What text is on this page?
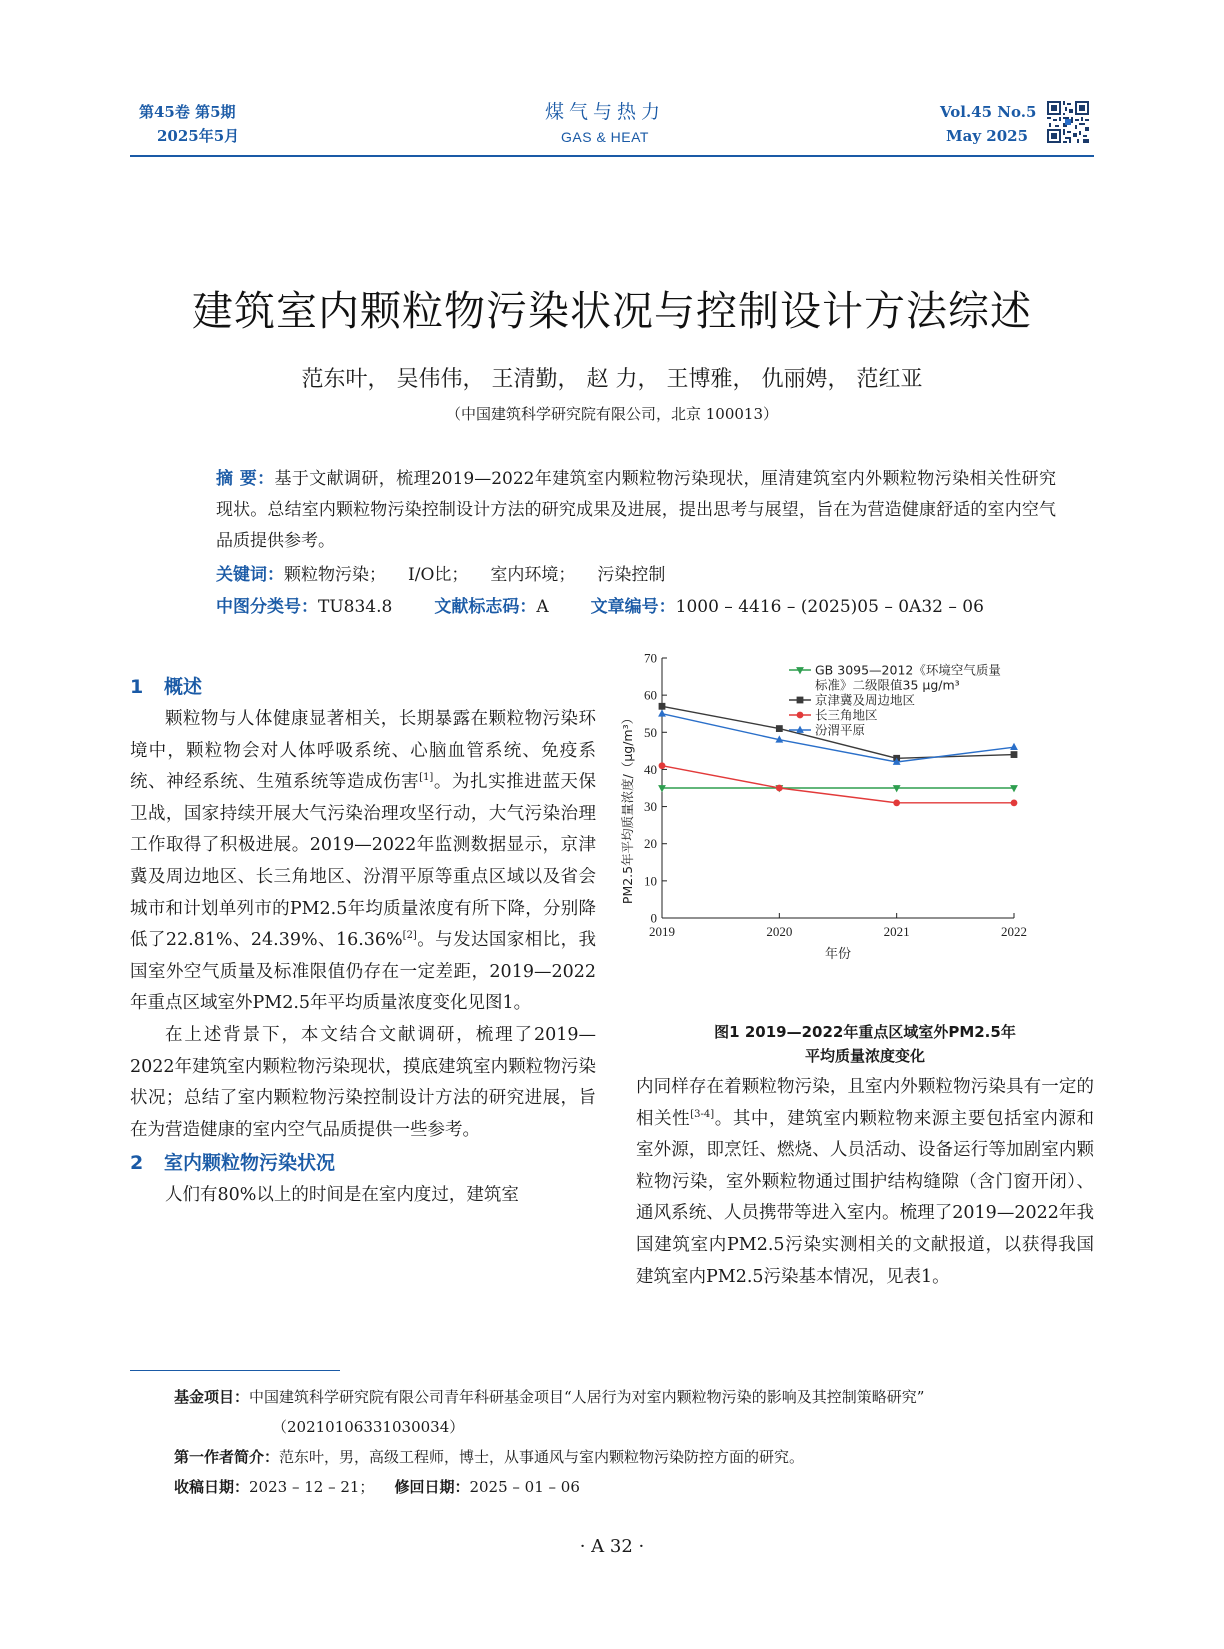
第45卷 第5期
2025年5月
煤气与热力
GAS & HEAT
Vol.45 No.5
May 2025
建筑室内颗粒物污染状况与控制设计方法综述
范东叶， 吴伟伟， 王清勤， 赵 力， 王博雅， 仇丽娉， 范红亚
（中国建筑科学研究院有限公司，北京 100013）
摘 要：基于文献调研，梳理2019—2022年建筑室内颗粒物污染现状，厘清建筑室内外颗粒物污染相关性研究现状。总结室内颗粒物污染控制设计方法的研究成果及进展，提出思考与展望，旨在为营造健康舒适的室内空气品质提供参考。
关键词：颗粒物污染； I/O比； 室内环境； 污染控制
中图分类号：TU834.8 文献标志码：A 文章编号：1000 – 4416 – (2025)05 – 0A32 – 06
1 概述

颗粒物与人体健康显著相关，长期暴露在颗粒物污染环境中，颗粒物会对人体呼吸系统、心脑血管系统、免疫系统、神经系统、生殖系统等造成伤害[1]。为扎实推进蓝天保卫战，国家持续开展大气污染治理攻坚行动，大气污染治理工作取得了积极进展。2019—2022年监测数据显示，京津冀及周边地区、长三角地区、汾渭平原等重点区域以及省会城市和计划单列市的PM2.5年均质量浓度有所下降，分别降低了22.81%、24.39%、16.36%[2]。与发达国家相比，我国室外空气质量及标准限值仍存在一定差距，2019—2022年重点区域室外PM2.5年平均质量浓度变化见图1。

在上述背景下，本文结合文献调研，梳理了2019—2022年建筑室内颗粒物污染现状，摸底建筑室内颗粒物污染状况；总结了室内颗粒物污染控制设计方法的研究进展，旨在为营造健康的室内空气品质提供一些参考。

2 室内颗粒物污染状况

人们有80%以上的时间是在室内度过，建筑室

0
10
20
30
40
50
60
70
2019	2020	2021	2022
年份
PM2.5年平均质量浓度/（μg/m³）
GB 3095—2012《环境空气质量
标准》二级限值35 μg/m³
京津冀及周边地区
长三角地区
汾渭平原
图1 2019—2022年重点区域室外PM2.5年
平均质量浓度变化

内同样存在着颗粒物污染，且室内外颗粒物污染具有一定的相关性[3-4]。其中，建筑室内颗粒物来源主要包括室内源和室外源，即烹饪、燃烧、人员活动、设备运行等加剧室内颗粒物污染，室外颗粒物通过围护结构缝隙（含门窗开闭）、通风系统、人员携带等进入室内。梳理了2019—2022年我国建筑室内PM2.5污染实测相关的文献报道，以获得我国建筑室内PM2.5污染基本情况，见表1。

基金项目：中国建筑科学研究院有限公司青年科研基金项目“人居行为对室内颗粒物污染的影响及其控制策略研究”
（20210106331030034）
第一作者简介：范东叶，男，高级工程师，博士，从事通风与室内颗粒物污染防控方面的研究。
收稿日期：2023 – 12 – 21； 修回日期：2025 – 01 – 06
· A 32 ·
